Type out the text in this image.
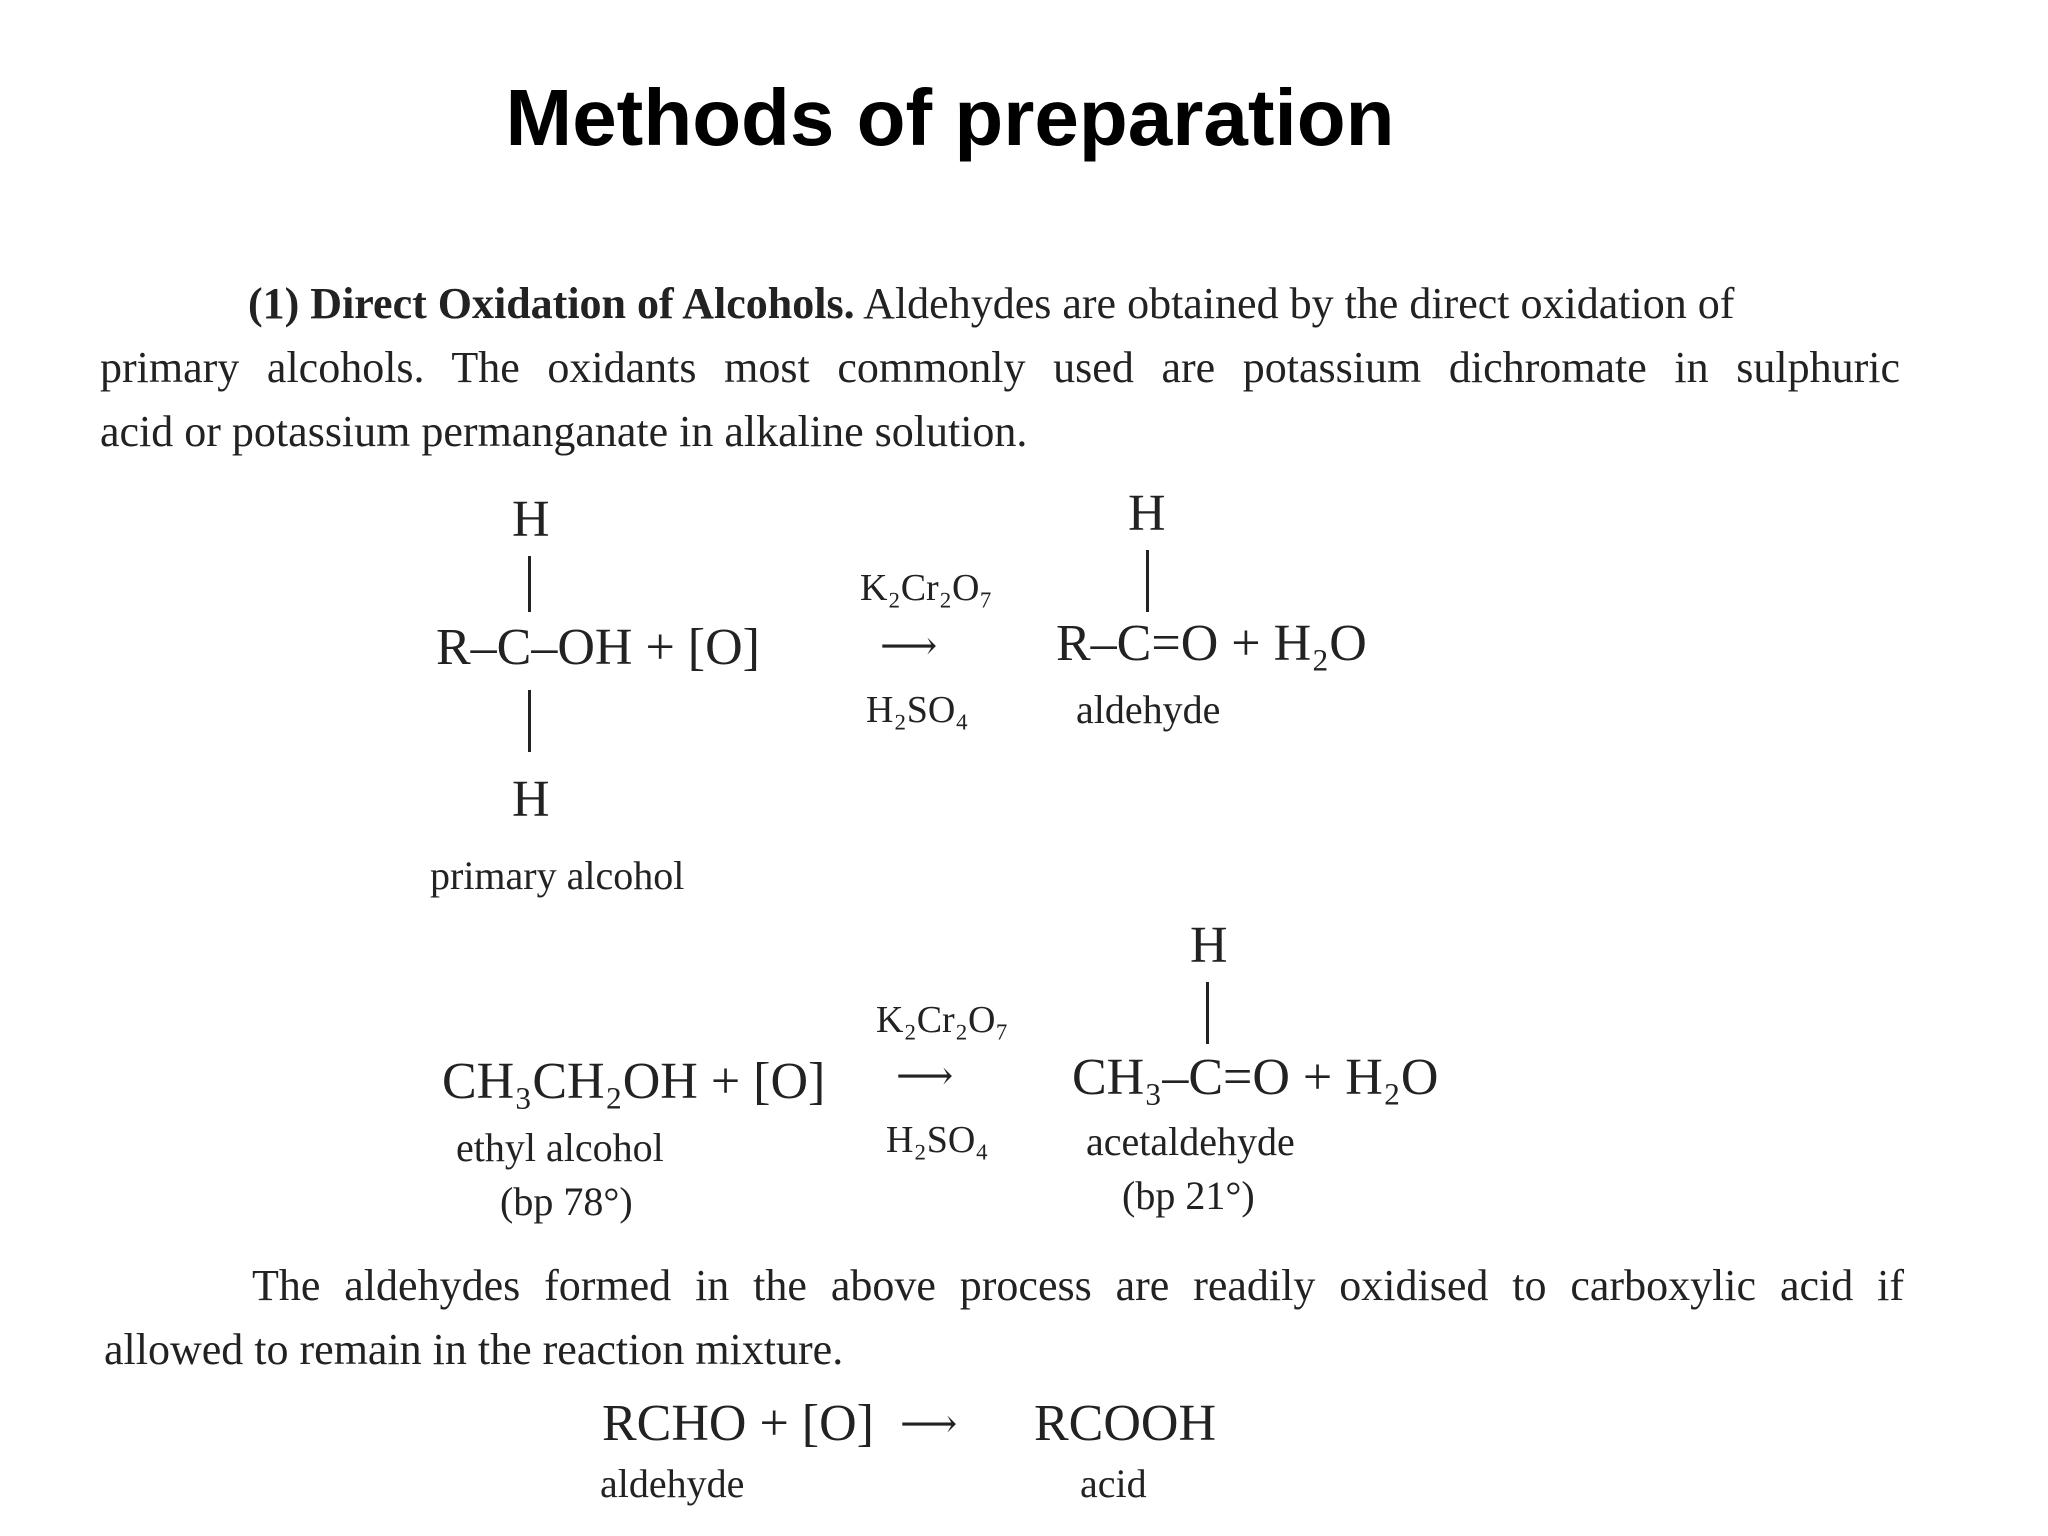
Methods of preparation

(1) Direct Oxidation of Alcohols. Aldehydes are obtained by the direct oxidation of

primary alcohols. The oxidants most commonly used are potassium dichromate in sulphuric

acid or potassium permanganate in alkaline solution.

H
R–C–OH + [O]
H
primary alcohol
K₂Cr₂O₇
⟶
H₂SO₄
H
R–C=O + H₂O
aldehyde
CH₃CH₂OH + [O]
ethyl alcohol
(bp 78°)
K₂Cr₂O₇
⟶
H₂SO₄
H
CH₃–C=O + H₂O
acetaldehyde
(bp 21°)

The aldehydes formed in the above process are readily oxidised to carboxylic acid if

allowed to remain in the reaction mixture.

RCHO + [O]
aldehyde
⟶ RCOOH
acid
